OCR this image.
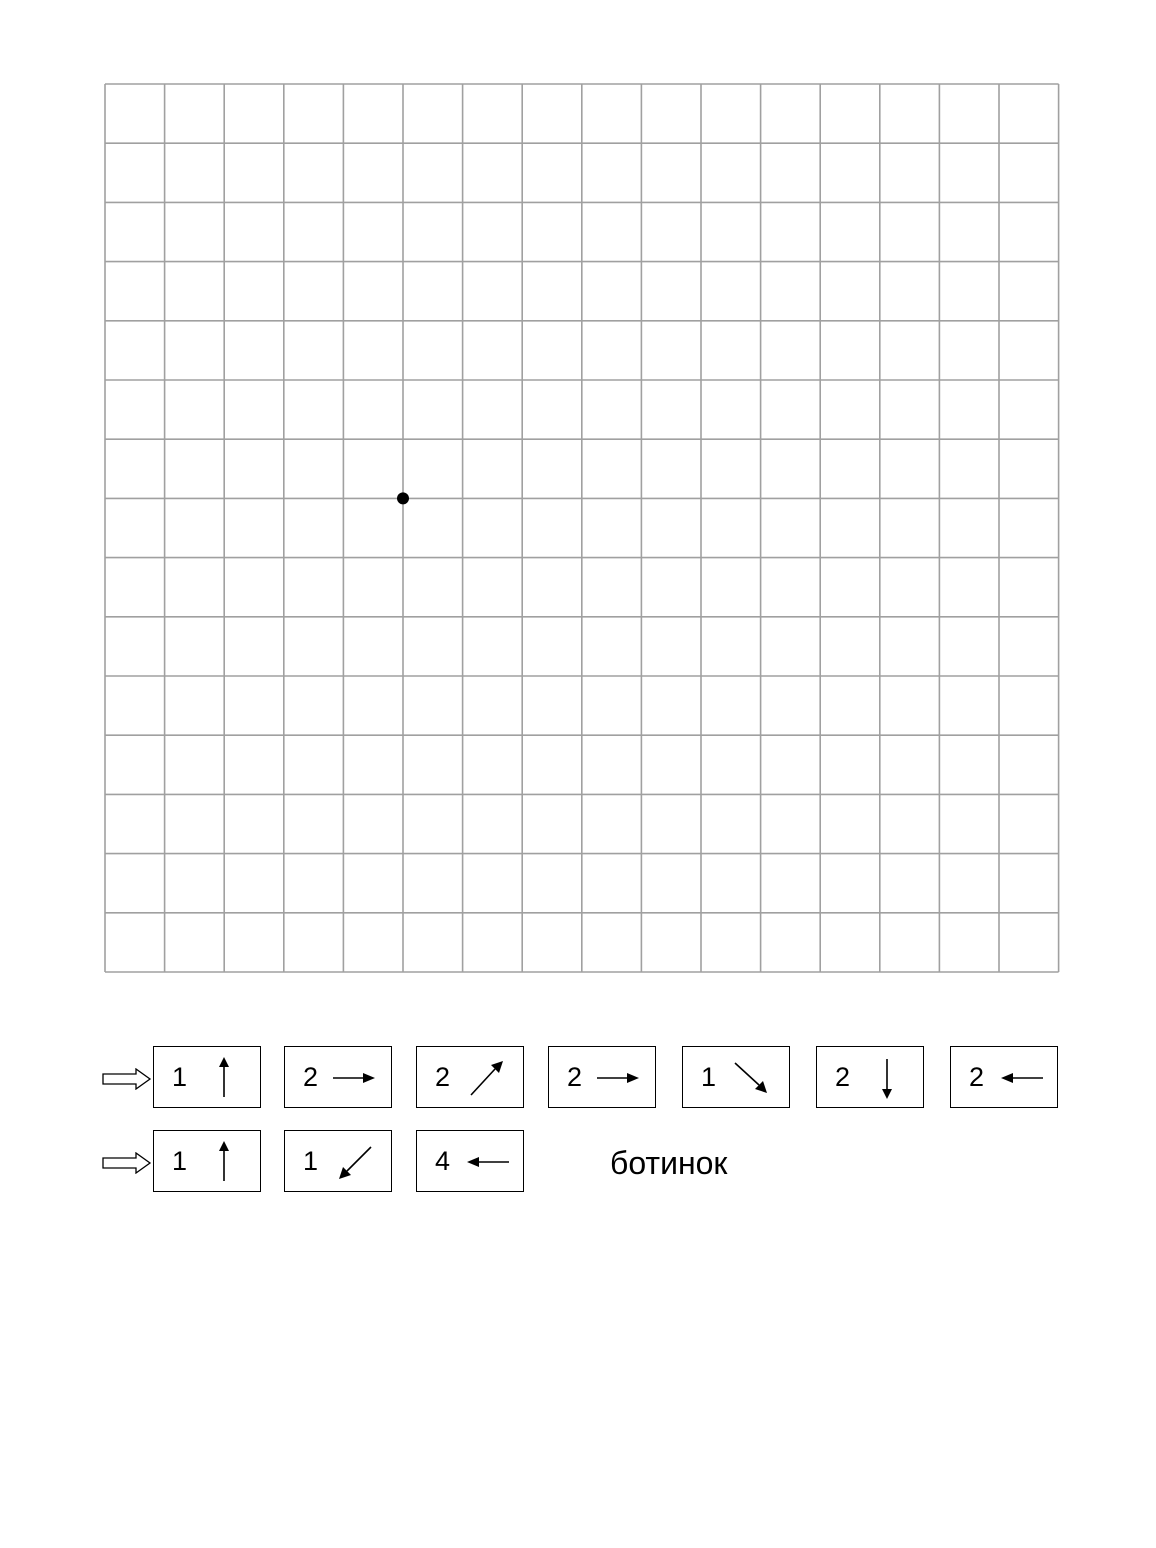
1	2	2	2	1	2	2
1	1	4	ботинок
